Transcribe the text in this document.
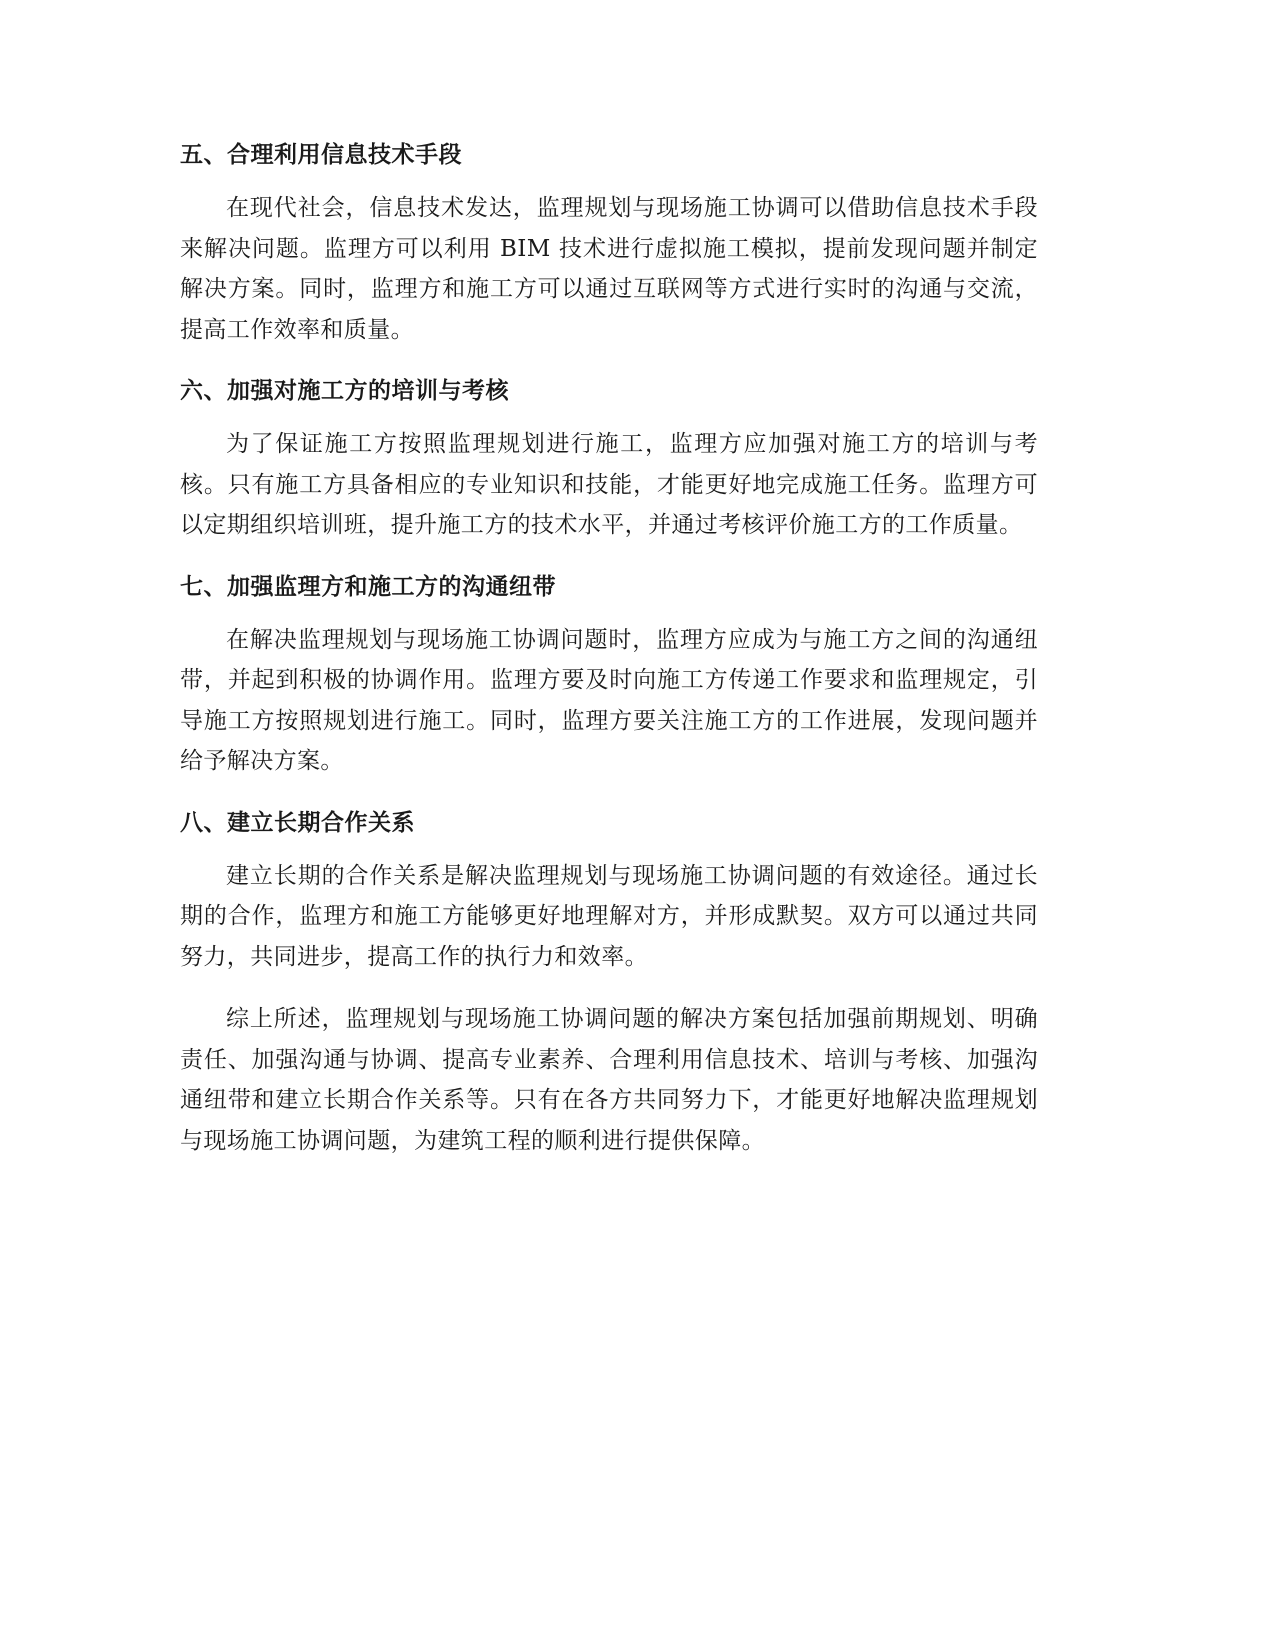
五、合理利用信息技术手段

在现代社会，信息技术发达，监理规划与现场施工协调可以借助信息技术手段来解决问题。监理方可以利用 BIM 技术进行虚拟施工模拟，提前发现问题并制定解决方案。同时，监理方和施工方可以通过互联网等方式进行实时的沟通与交流，提高工作效率和质量。

六、加强对施工方的培训与考核

为了保证施工方按照监理规划进行施工，监理方应加强对施工方的培训与考核。只有施工方具备相应的专业知识和技能，才能更好地完成施工任务。监理方可以定期组织培训班，提升施工方的技术水平，并通过考核评价施工方的工作质量。

七、加强监理方和施工方的沟通纽带

在解决监理规划与现场施工协调问题时，监理方应成为与施工方之间的沟通纽带，并起到积极的协调作用。监理方要及时向施工方传递工作要求和监理规定，引导施工方按照规划进行施工。同时，监理方要关注施工方的工作进展，发现问题并给予解决方案。

八、建立长期合作关系

建立长期的合作关系是解决监理规划与现场施工协调问题的有效途径。通过长期的合作，监理方和施工方能够更好地理解对方，并形成默契。双方可以通过共同努力，共同进步，提高工作的执行力和效率。

综上所述，监理规划与现场施工协调问题的解决方案包括加强前期规划、明确责任、加强沟通与协调、提高专业素养、合理利用信息技术、培训与考核、加强沟通纽带和建立长期合作关系等。只有在各方共同努力下，才能更好地解决监理规划与现场施工协调问题，为建筑工程的顺利进行提供保障。
